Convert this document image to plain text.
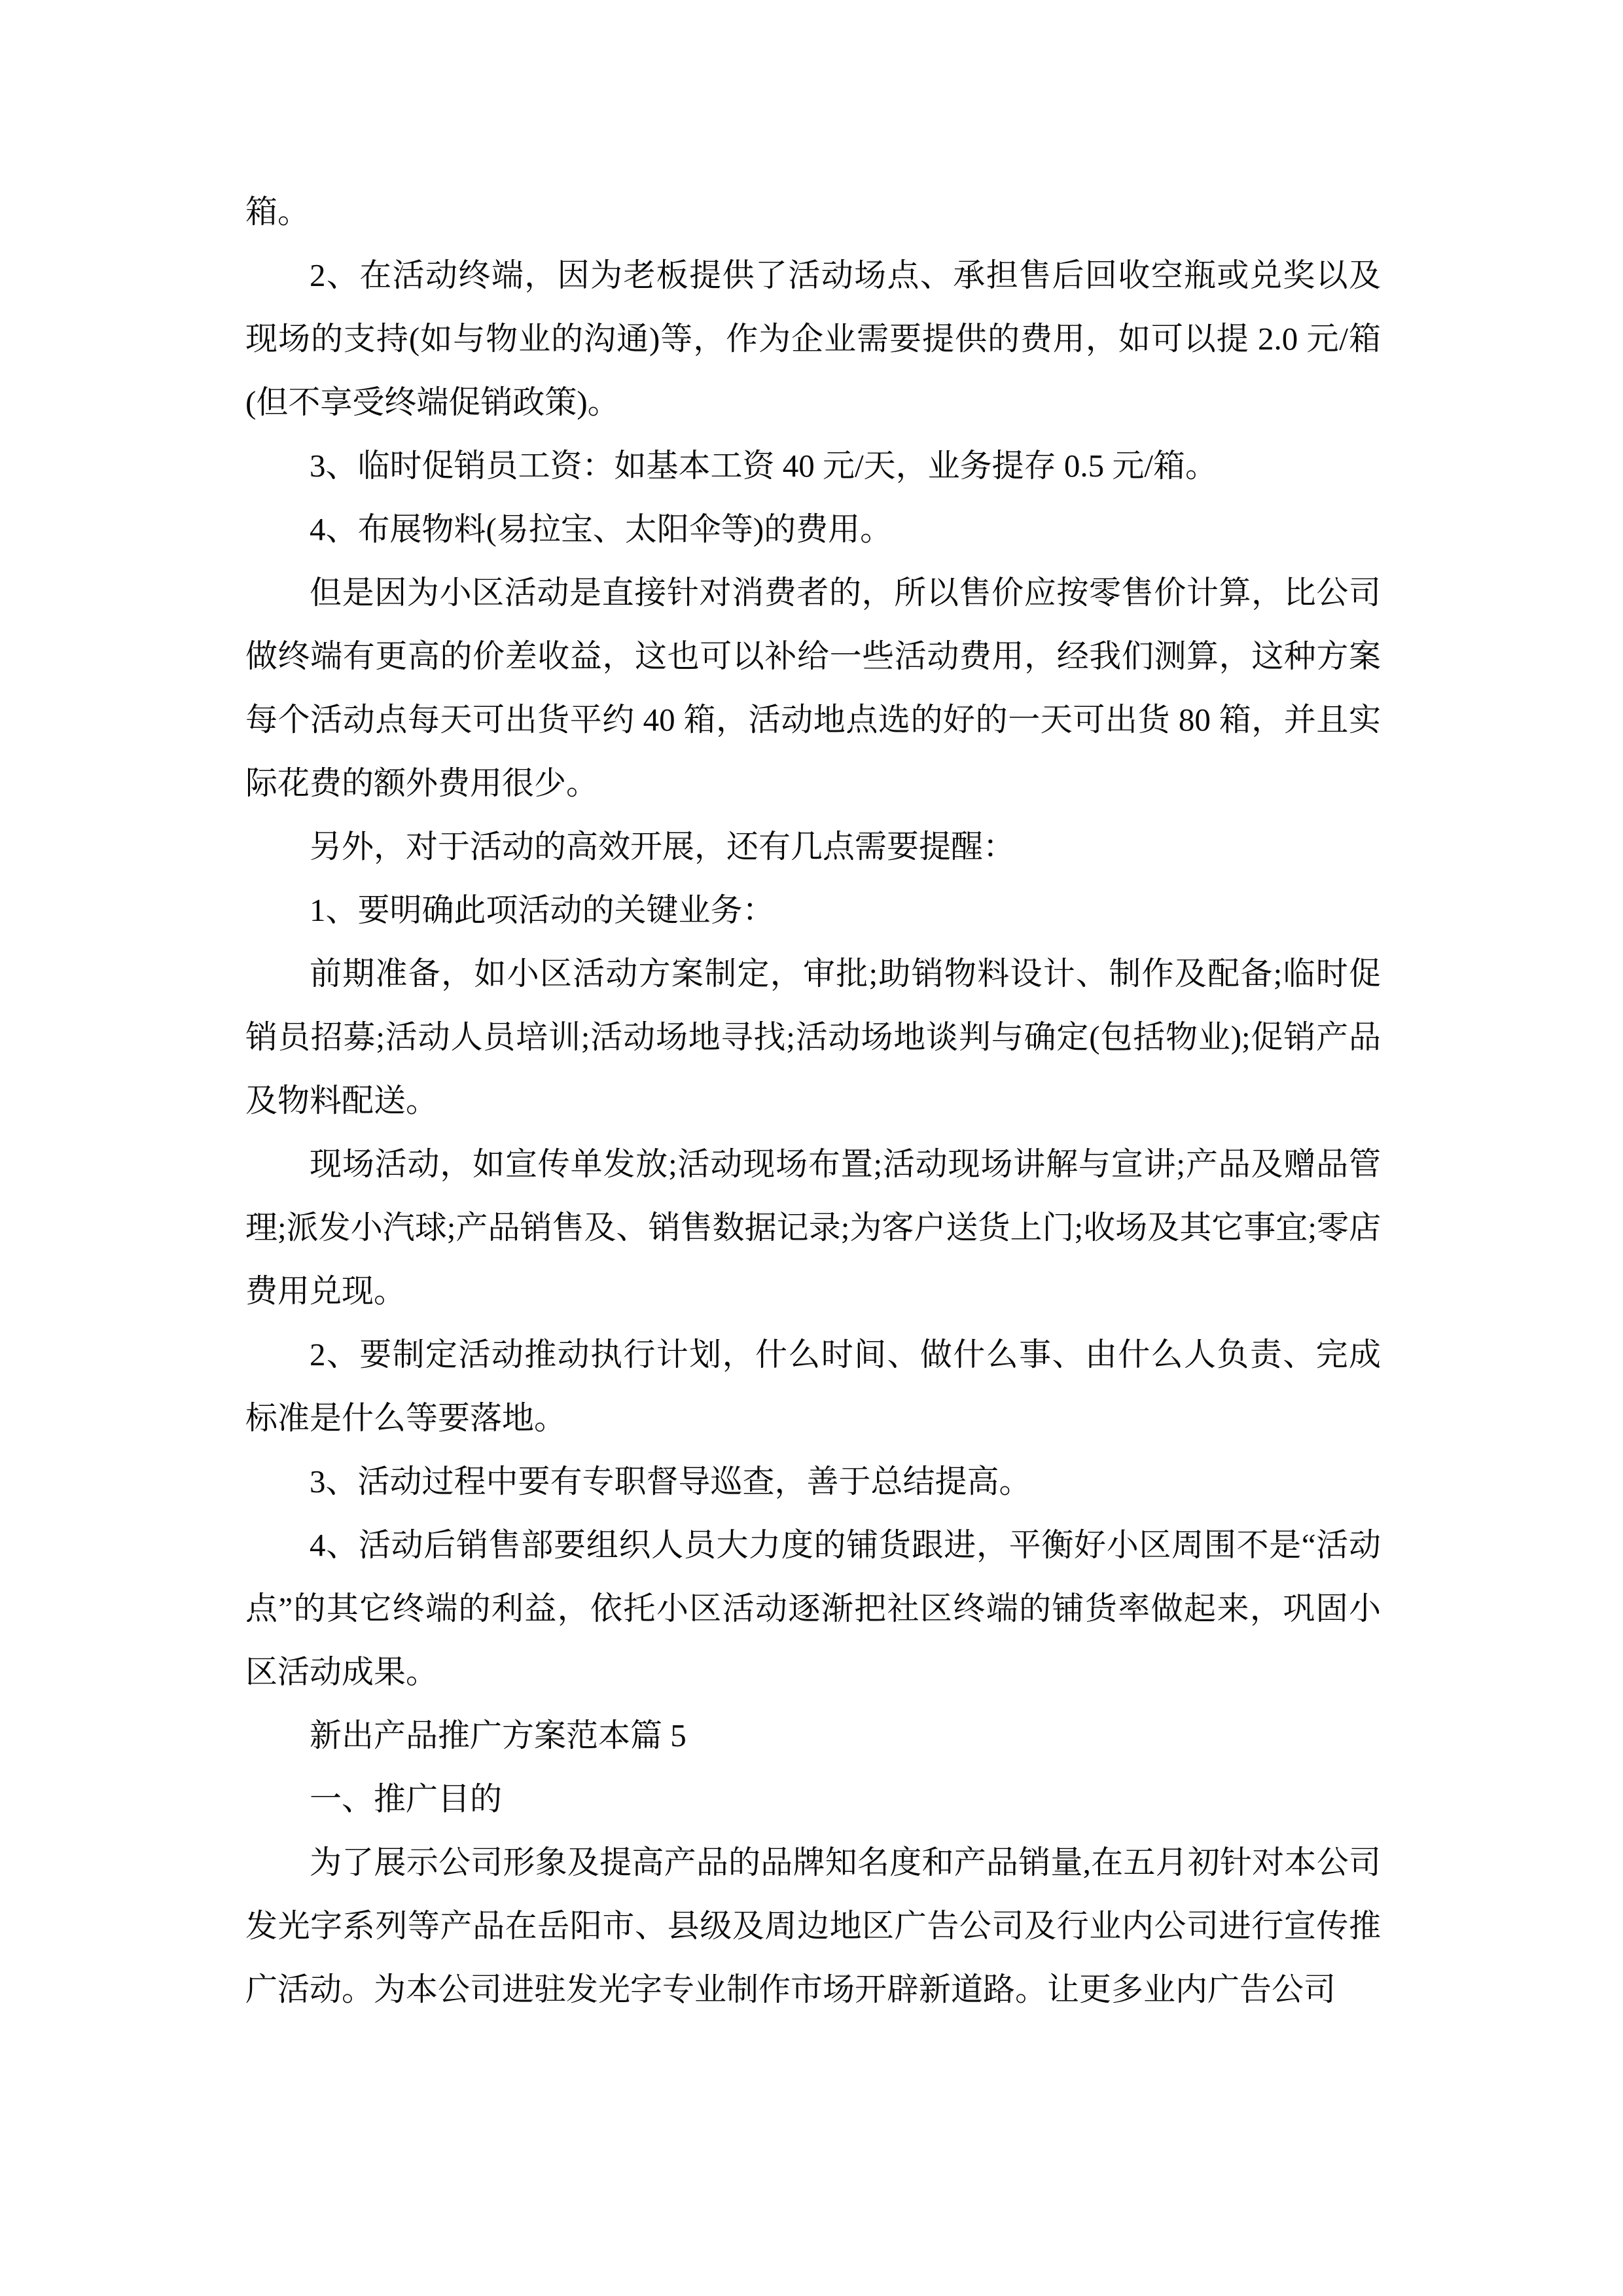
箱。

2、在活动终端，因为老板提供了活动场点、承担售后回收空瓶或兑奖以及现场的支持(如与物业的沟通)等，作为企业需要提供的费用，如可以提 2.0 元/箱(但不享受终端促销政策)。

3、临时促销员工资：如基本工资 40 元/天，业务提存 0.5 元/箱。

4、布展物料(易拉宝、太阳伞等)的费用。

但是因为小区活动是直接针对消费者的，所以售价应按零售价计算，比公司做终端有更高的价差收益，这也可以补给一些活动费用，经我们测算，这种方案每个活动点每天可出货平约 40 箱，活动地点选的好的一天可出货 80 箱，并且实际花费的额外费用很少。

另外，对于活动的高效开展，还有几点需要提醒：

1、要明确此项活动的关键业务：

前期准备，如小区活动方案制定，审批;助销物料设计、制作及配备;临时促销员招募;活动人员培训;活动场地寻找;活动场地谈判与确定(包括物业);促销产品及物料配送。

现场活动，如宣传单发放;活动现场布置;活动现场讲解与宣讲;产品及赠品管理;派发小汽球;产品销售及、销售数据记录;为客户送货上门;收场及其它事宜;零店费用兑现。

2、要制定活动推动执行计划，什么时间、做什么事、由什么人负责、完成标准是什么等要落地。

3、活动过程中要有专职督导巡查，善于总结提高。

4、活动后销售部要组织人员大力度的铺货跟进，平衡好小区周围不是“活动点”的其它终端的利益，依托小区活动逐渐把社区终端的铺货率做起来，巩固小区活动成果。

新出产品推广方案范本篇 5

一、推广目的

为了展示公司形象及提高产品的品牌知名度和产品销量,在五月初针对本公司发光字系列等产品在岳阳市、县级及周边地区广告公司及行业内公司进行宣传推广活动。为本公司进驻发光字专业制作市场开辟新道路。让更多业内广告公司
